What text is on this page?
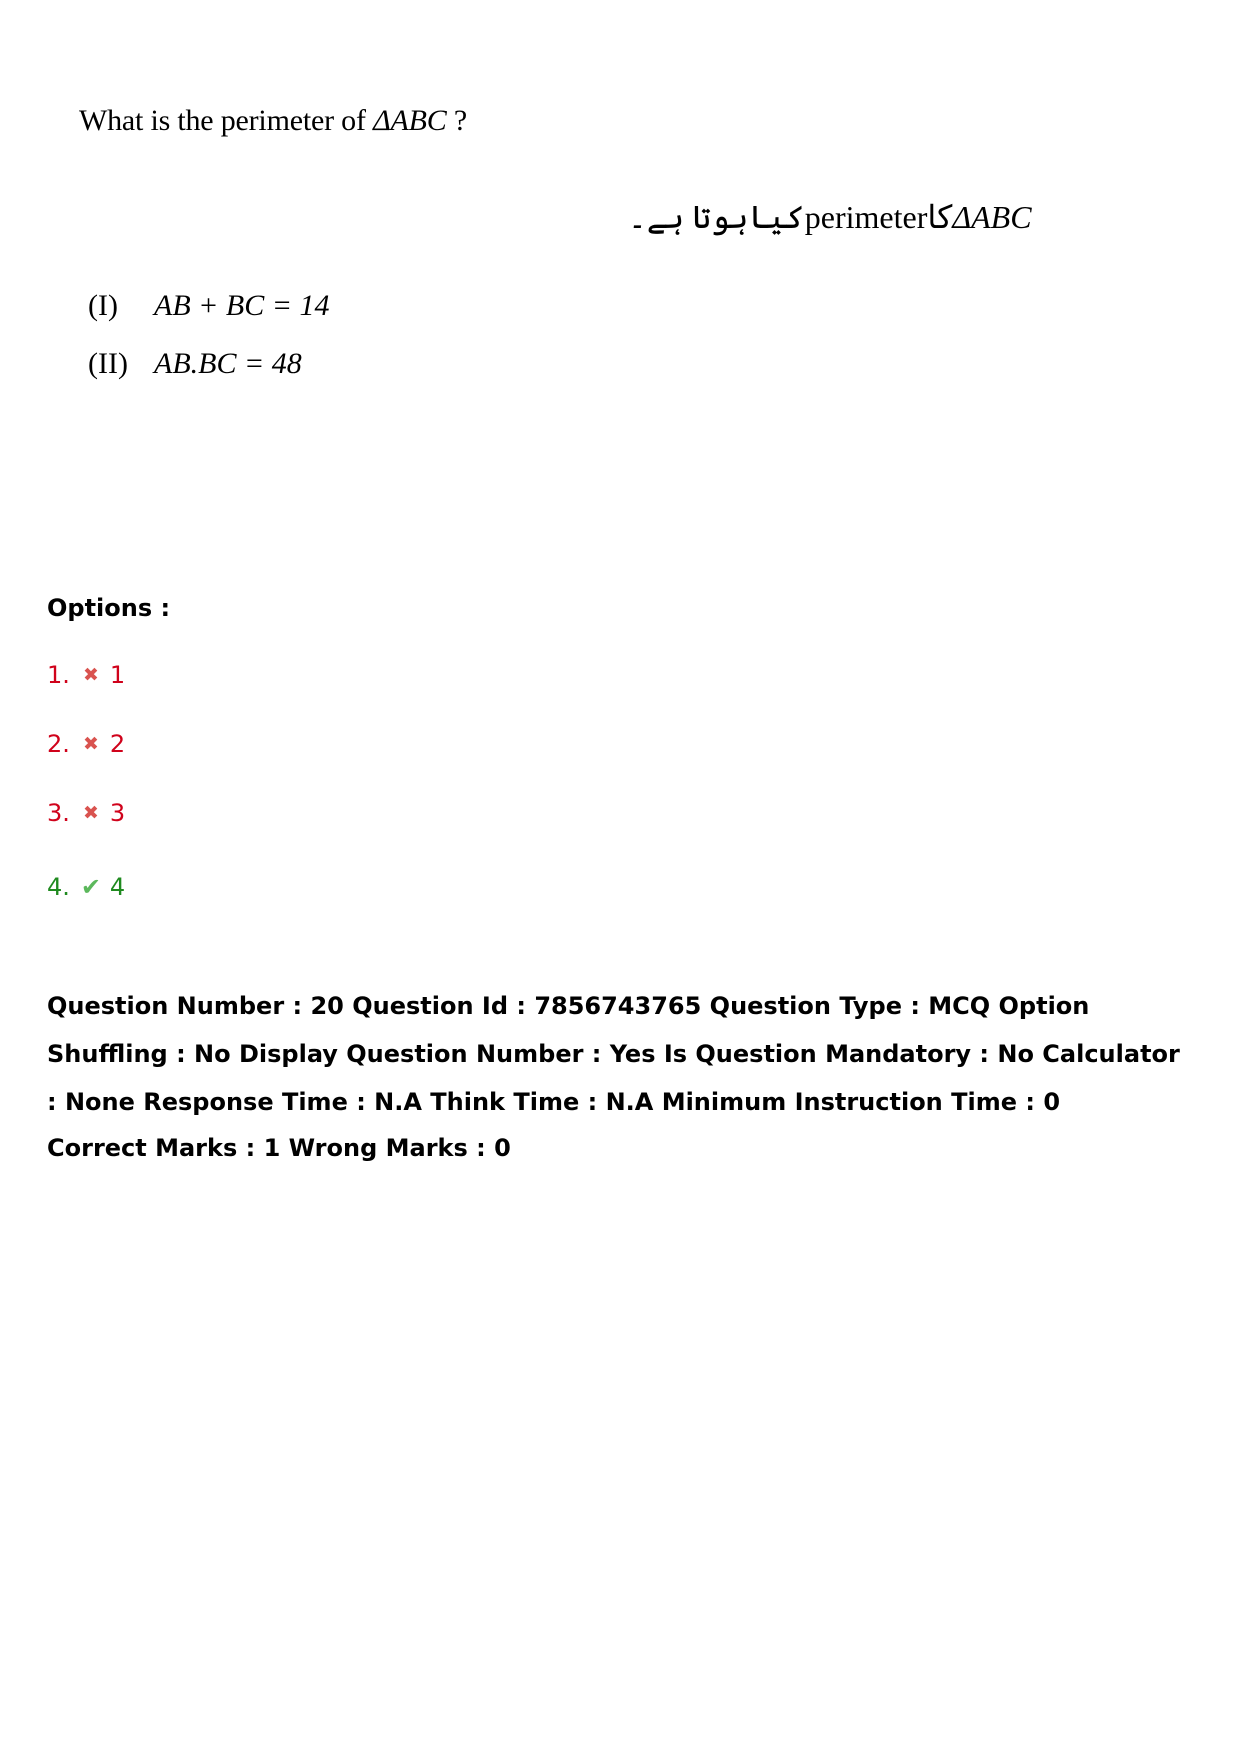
What is the perimeter of ΔABC ?
کیاہوتا ہے۔perimeterکاΔABC
(I) AB + BC = 14
(II) AB.BC = 48
Options :
1. ✖ 1
2. ✖ 2
3. ✖ 3
4. ✔ 4
Question Number : 20 Question Id : 7856743765 Question Type : MCQ Option Shuffling : No Display Question Number : Yes Is Question Mandatory : No Calculator : None Response Time : N.A Think Time : N.A Minimum Instruction Time : 0
Correct Marks : 1 Wrong Marks : 0
